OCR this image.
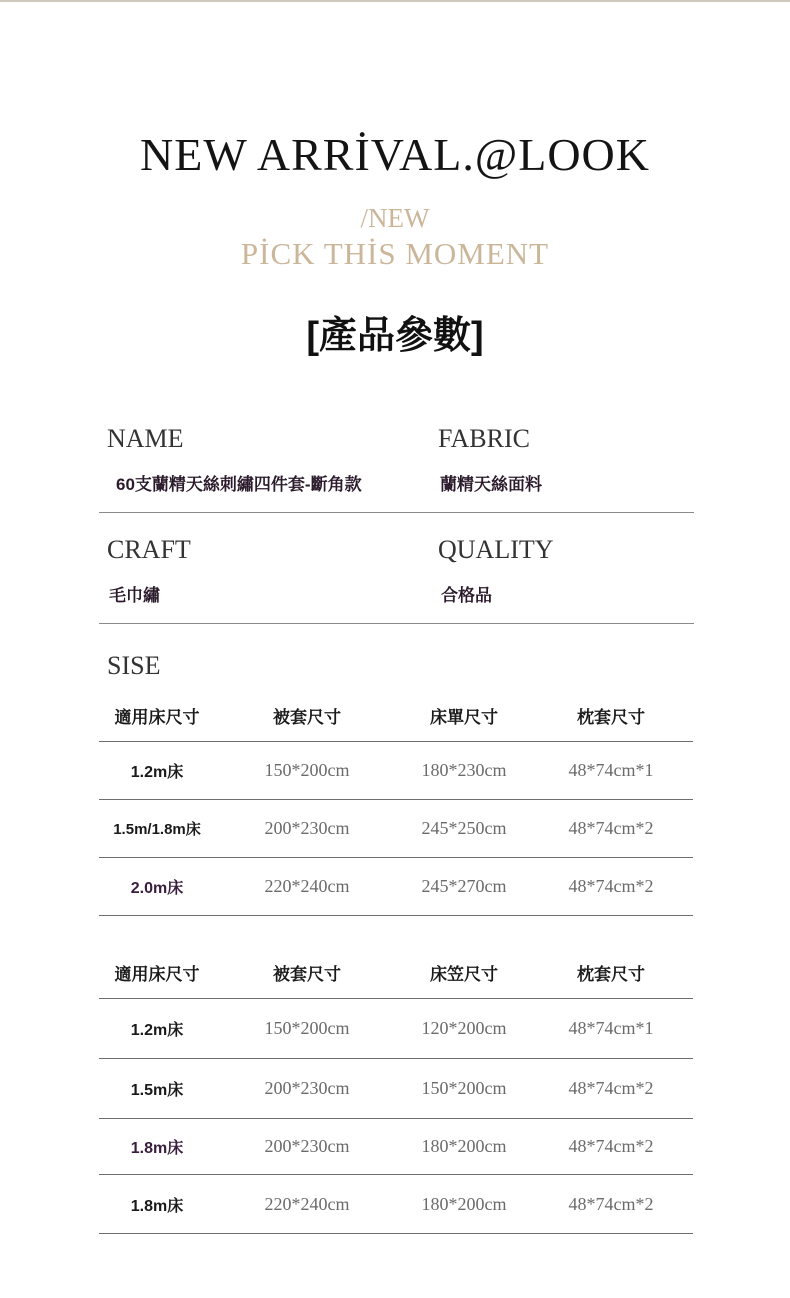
NEW ARRİVAL.@LOOK
/NEW
PİCK THİS MOMENT
[產品參數]
NAME
60支蘭精天絲刺繡四件套-斷角款
FABRIC
蘭精天絲面料
CRAFT
毛巾繡
QUALITY
合格品
SISE
適用床尺寸	被套尺寸	床單尺寸	枕套尺寸
1.2m床	150*200cm	180*230cm	48*74cm*1
1.5m/1.8m床	200*230cm	245*250cm	48*74cm*2
2.0m床	220*240cm	245*270cm	48*74cm*2
適用床尺寸	被套尺寸	床笠尺寸	枕套尺寸
1.2m床	150*200cm	120*200cm	48*74cm*1
1.5m床	200*230cm	150*200cm	48*74cm*2
1.8m床	200*230cm	180*200cm	48*74cm*2
1.8m床	220*240cm	180*200cm	48*74cm*2
